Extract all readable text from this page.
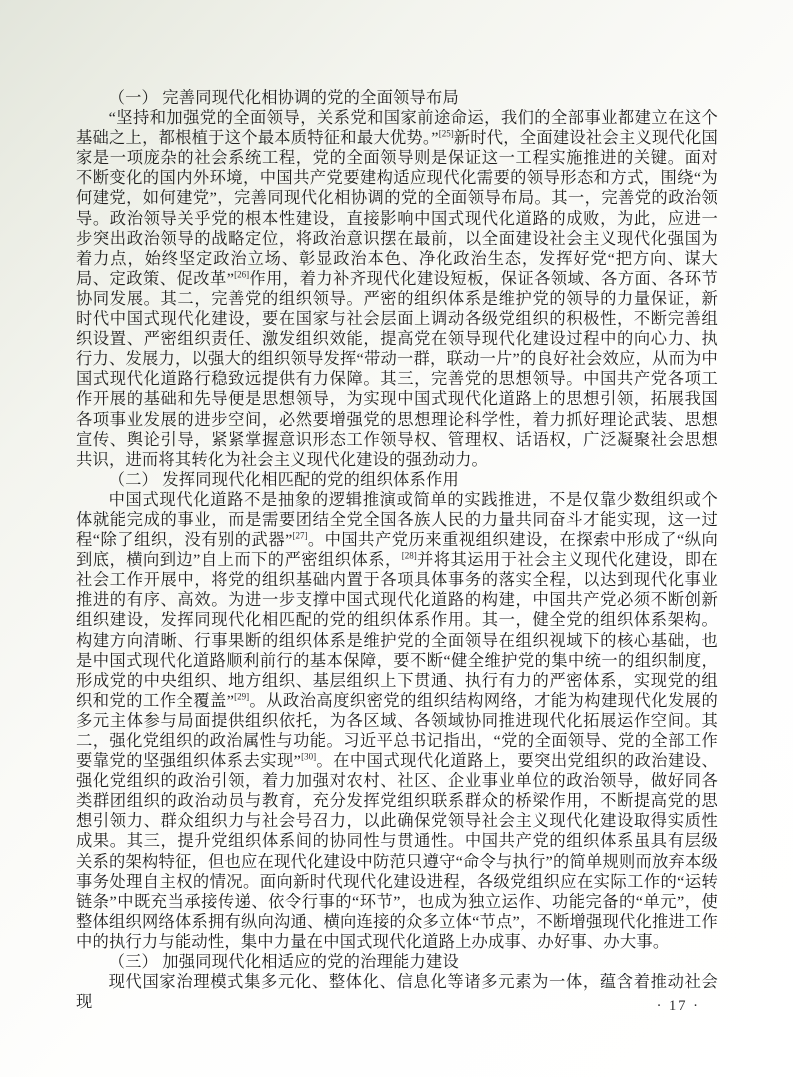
（一） 完善同现代化相协调的党的全面领导布局

“坚持和加强党的全面领导，关系党和国家前途命运，我们的全部事业都建立在这个基础之上，都根植于这个最本质特征和最大优势。”[25]新时代，全面建设社会主义现代化国家是一项庞杂的社会系统工程，党的全面领导则是保证这一工程实施推进的关键。面对不断变化的国内外环境，中国共产党要建构适应现代化需要的领导形态和方式，围绕“为何建党，如何建党”，完善同现代化相协调的党的全面领导布局。其一，完善党的政治领导。政治领导关乎党的根本性建设，直接影响中国式现代化道路的成败，为此，应进一步突出政治领导的战略定位，将政治意识摆在最前，以全面建设社会主义现代化强国为着力点，始终坚定政治立场、彰显政治本色、净化政治生态，发挥好党“把方向、谋大局、定政策、促改革”[26]作用，着力补齐现代化建设短板，保证各领域、各方面、各环节协同发展。其二，完善党的组织领导。严密的组织体系是维护党的领导的力量保证，新时代中国式现代化建设，要在国家与社会层面上调动各级党组织的积极性，不断完善组织设置、严密组织责任、激发组织效能，提高党在领导现代化建设过程中的向心力、执行力、发展力，以强大的组织领导发挥“带动一群，联动一片”的良好社会效应，从而为中国式现代化道路行稳致远提供有力保障。其三，完善党的思想领导。中国共产党各项工作开展的基础和先导便是思想领导，为实现中国式现代化道路上的思想引领，拓展我国各项事业发展的进步空间，必然要增强党的思想理论科学性，着力抓好理论武装、思想宣传、舆论引导，紧紧掌握意识形态工作领导权、管理权、话语权，广泛凝聚社会思想共识，进而将其转化为社会主义现代化建设的强劲动力。

（二） 发挥同现代化相匹配的党的组织体系作用

中国式现代化道路不是抽象的逻辑推演或简单的实践推进，不是仅靠少数组织或个体就能完成的事业，而是需要团结全党全国各族人民的力量共同奋斗才能实现，这一过程“除了组织，没有别的武器”[27]。中国共产党历来重视组织建设，在探索中形成了“纵向到底，横向到边”自上而下的严密组织体系，[28]并将其运用于社会主义现代化建设，即在社会工作开展中，将党的组织基础内置于各项具体事务的落实全程，以达到现代化事业推进的有序、高效。为进一步支撑中国式现代化道路的构建，中国共产党必须不断创新组织建设，发挥同现代化相匹配的党的组织体系作用。其一，健全党的组织体系架构。构建方向清晰、行事果断的组织体系是维护党的全面领导在组织视域下的核心基础，也是中国式现代化道路顺利前行的基本保障，要不断“健全维护党的集中统一的组织制度，形成党的中央组织、地方组织、基层组织上下贯通、执行有力的严密体系，实现党的组织和党的工作全覆盖”[29]。从政治高度织密党的组织结构网络，才能为构建现代化发展的多元主体参与局面提供组织依托，为各区域、各领域协同推进现代化拓展运作空间。其二，强化党组织的政治属性与功能。习近平总书记指出，“党的全面领导、党的全部工作要靠党的坚强组织体系去实现”[30]。在中国式现代化道路上，要突出党组织的政治建设、强化党组织的政治引领，着力加强对农村、社区、企业事业单位的政治领导，做好同各类群团组织的政治动员与教育，充分发挥党组织联系群众的桥梁作用，不断提高党的思想引领力、群众组织力与社会号召力，以此确保党领导社会主义现代化建设取得实质性成果。其三，提升党组织体系间的协同性与贯通性。中国共产党的组织体系虽具有层级关系的架构特征，但也应在现代化建设中防范只遵守“命令与执行”的简单规则而放弃本级事务处理自主权的情况。面向新时代现代化建设进程，各级党组织应在实际工作的“运转链条”中既充当承接传递、依令行事的“环节”，也成为独立运作、功能完备的“单元”，使整体组织网络体系拥有纵向沟通、横向连接的众多立体“节点”，不断增强现代化推进工作中的执行力与能动性，集中力量在中国式现代化道路上办成事、办好事、办大事。

（三） 加强同现代化相适应的党的治理能力建设

现代国家治理模式集多元化、整体化、信息化等诸多元素为一体，蕴含着推动社会现	· 17 ·
